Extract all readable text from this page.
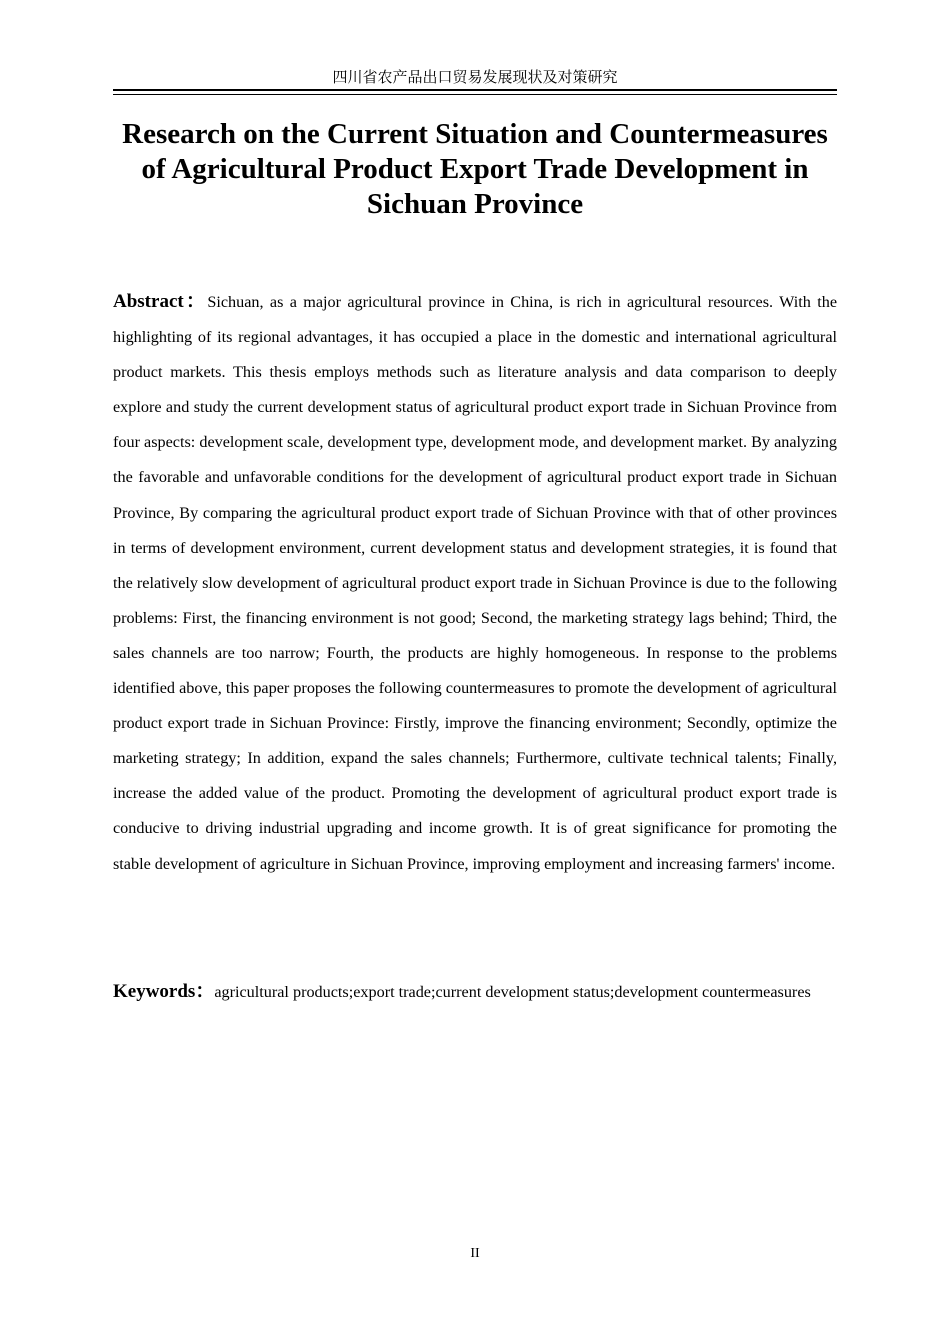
四川省农产品出口贸易发展现状及对策研究
Research on the Current Situation and Countermeasures of Agricultural Product Export Trade Development in Sichuan Province

Abstract：Sichuan, as a major agricultural province in China, is rich in agricultural resources. With the highlighting of its regional advantages, it has occupied a place in the domestic and international agricultural product markets. This thesis employs methods such as literature analysis and data comparison to deeply explore and study the current development status of agricultural product export trade in Sichuan Province from four aspects: development scale, development type, development mode, and development market. By analyzing the favorable and unfavorable conditions for the development of agricultural product export trade in Sichuan Province, By comparing the agricultural product export trade of Sichuan Province with that of other provinces in terms of development environment, current development status and development strategies, it is found that the relatively slow development of agricultural product export trade in Sichuan Province is due to the following problems: First, the financing environment is not good; Second, the marketing strategy lags behind; Third, the sales channels are too narrow; Fourth, the products are highly homogeneous. In response to the problems identified above, this paper proposes the following countermeasures to promote the development of agricultural product export trade in Sichuan Province: Firstly, improve the financing environment; Secondly, optimize the marketing strategy; In addition, expand the sales channels; Furthermore, cultivate technical talents; Finally, increase the added value of the product. Promoting the development of agricultural product export trade is conducive to driving industrial upgrading and income growth. It is of great significance for promoting the stable development of agriculture in Sichuan Province, improving employment and increasing farmers' income.

Keywords：agricultural products;export trade;current development status;development countermeasures

II
